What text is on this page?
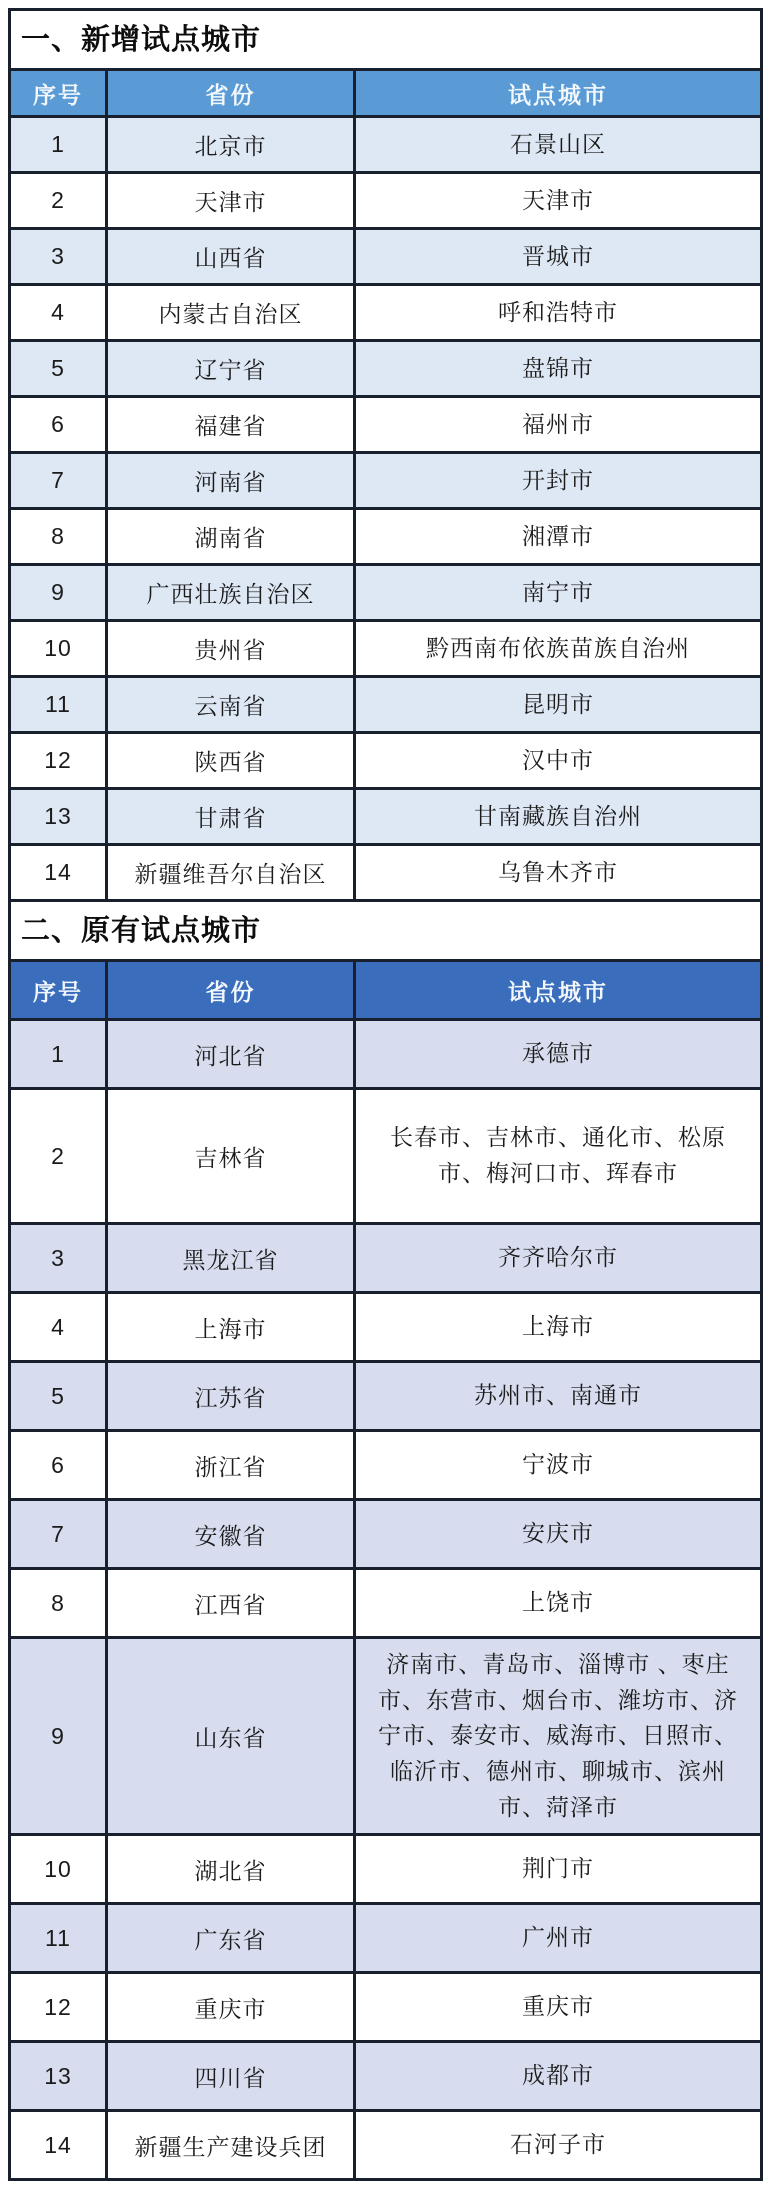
一、新增试点城市		
序号	省份	试点城市
1	北京市	石景山区
2	天津市	天津市
3	山西省	晋城市
4	内蒙古自治区	呼和浩特市
5	辽宁省	盘锦市
6	福建省	福州市
7	河南省	开封市
8	湖南省	湘潭市
9	广西壮族自治区	南宁市
10	贵州省	黔西南布依族苗族自治州
11	云南省	昆明市
12	陕西省	汉中市
13	甘肃省	甘南藏族自治州
14	新疆维吾尔自治区	乌鲁木齐市
二、原有试点城市		
序号	省份	试点城市
1	河北省	承德市
2	吉林省	长春市、吉林市、通化市、松原市、梅河口市、珲春市
3	黑龙江省	齐齐哈尔市
4	上海市	上海市
5	江苏省	苏州市、南通市
6	浙江省	宁波市
7	安徽省	安庆市
8	江西省	上饶市
9	山东省	济南市、青岛市、淄博市 、枣庄市、东营市、烟台市、潍坊市、济宁市、泰安市、威海市、日照市、临沂市、德州市、聊城市、滨州市、菏泽市
10	湖北省	荆门市
11	广东省	广州市
12	重庆市	重庆市
13	四川省	成都市
14	新疆生产建设兵团	石河子市
